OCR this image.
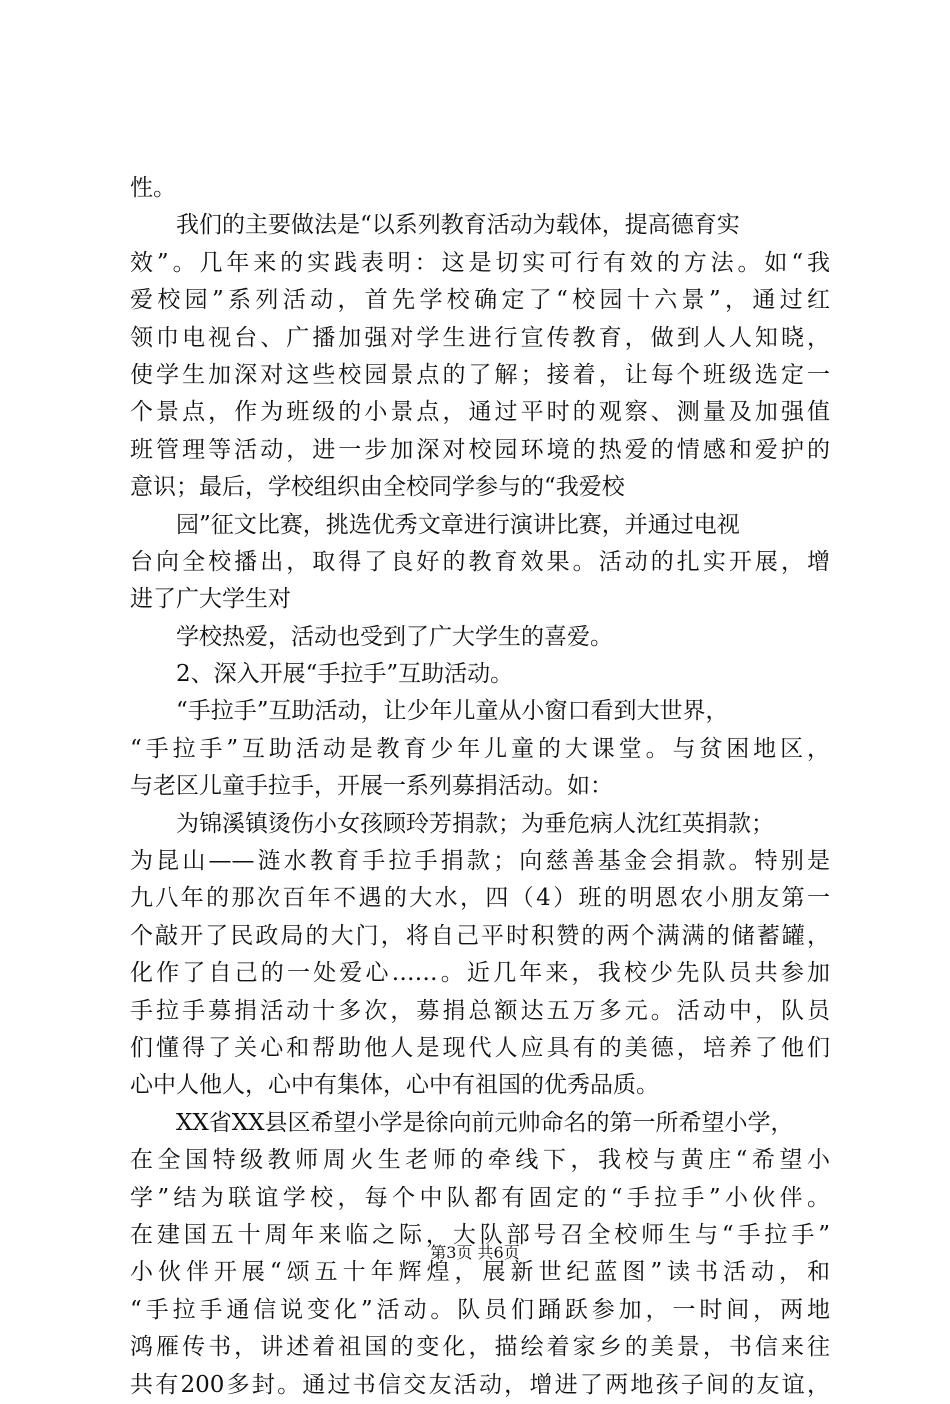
性。
我们的主要做法是“以系列教育活动为载体，提高德育实
效”。几年来的实践表明：这是切实可行有效的方法。如“我
爱校园”系列活动，首先学校确定了“校园十六景”，通过红
领巾电视台、广播加强对学生进行宣传教育，做到人人知晓，
使学生加深对这些校园景点的了解；接着，让每个班级选定一
个景点，作为班级的小景点，通过平时的观察、测量及加强值
班管理等活动，进一步加深对校园环境的热爱的情感和爱护的
意识；最后，学校组织由全校同学参与的“我爱校
园”征文比赛，挑选优秀文章进行演讲比赛，并通过电视
台向全校播出，取得了良好的教育效果。活动的扎实开展，增
进了广大学生对
学校热爱，活动也受到了广大学生的喜爱。
2、深入开展“手拉手”互助活动。
“手拉手”互助活动，让少年儿童从小窗口看到大世界，
“手拉手”互助活动是教育少年儿童的大课堂。与贫困地区，
与老区儿童手拉手，开展一系列募捐活动。如：
为锦溪镇烫伤小女孩顾玲芳捐款；为垂危病人沈红英捐款；
为昆山——涟水教育手拉手捐款；向慈善基金会捐款。特别是
九八年的那次百年不遇的大水，四（4）班的明恩农小朋友第一
个敲开了民政局的大门，将自己平时积赞的两个满满的储蓄罐，
化作了自己的一处爱心……。近几年来，我校少先队员共参加
手拉手募捐活动十多次，募捐总额达五万多元。活动中，队员
们懂得了关心和帮助他人是现代人应具有的美德，培养了他们
心中人他人，心中有集体，心中有祖国的优秀品质。
XX省XX县区希望小学是徐向前元帅命名的第一所希望小学，
在全国特级教师周火生老师的牵线下，我校与黄庄“希望小
学”结为联谊学校，每个中队都有固定的“手拉手”小伙伴。
在建国五十周年来临之际，大队部号召全校师生与“手拉手”
小伙伴开展“颂五十年辉煌，展新世纪蓝图”读书活动，和
“手拉手通信说变化”活动。队员们踊跃参加，一时间，两地
鸿雁传书，讲述着祖国的变化，描绘着家乡的美景，书信来往
共有200多封。通过书信交友活动，增进了两地孩子间的友谊，
第3页 共6页
